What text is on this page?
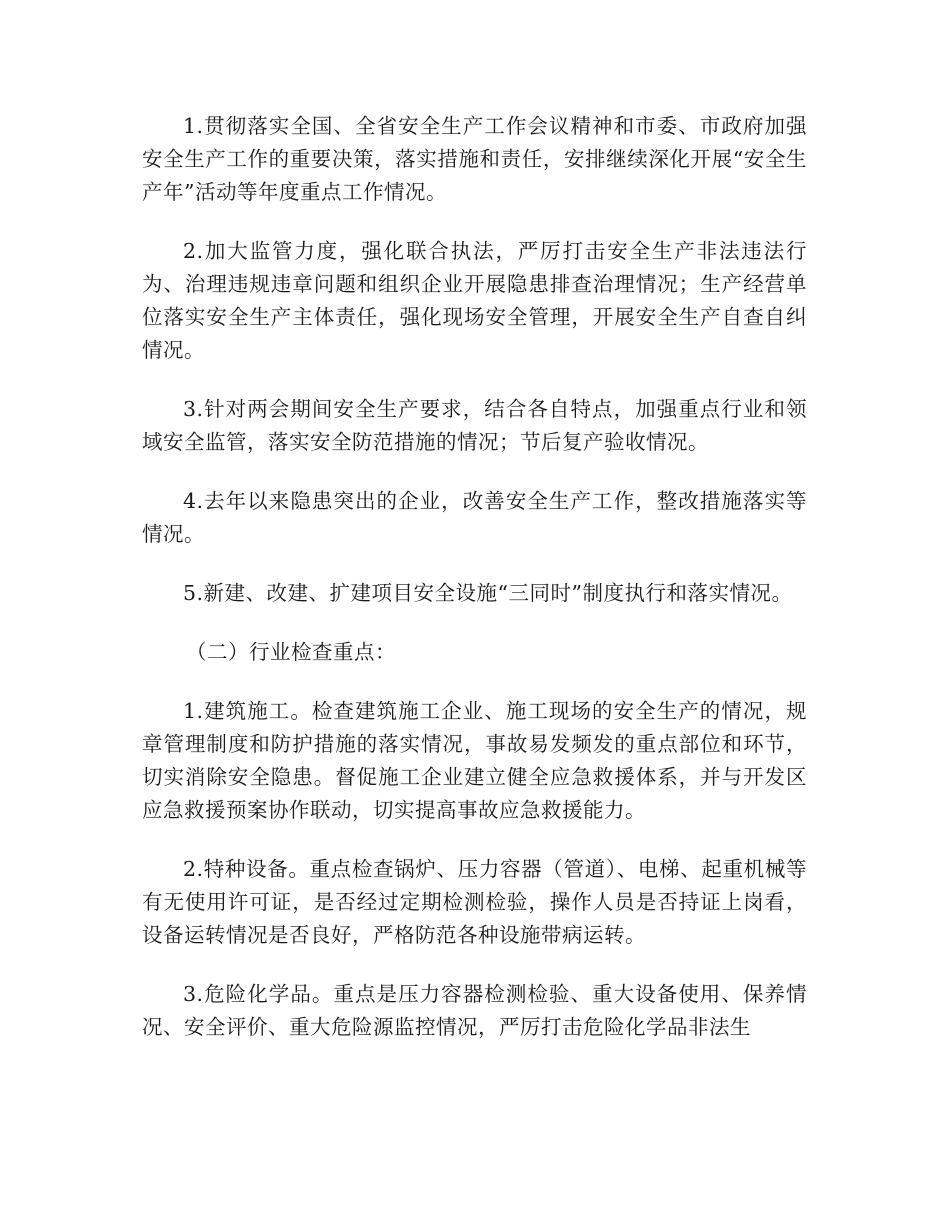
1.贯彻落实全国、全省安全生产工作会议精神和市委、市政府加强安全生产工作的重要决策，落实措施和责任，安排继续深化开展“安全生产年”活动等年度重点工作情况。

2.加大监管力度，强化联合执法，严厉打击安全生产非法违法行为、治理违规违章问题和组织企业开展隐患排查治理情况；生产经营单位落实安全生产主体责任，强化现场安全管理，开展安全生产自查自纠情况。

3.针对两会期间安全生产要求，结合各自特点，加强重点行业和领域安全监管，落实安全防范措施的情况；节后复产验收情况。

4.去年以来隐患突出的企业，改善安全生产工作，整改措施落实等情况。

5.新建、改建、扩建项目安全设施“三同时”制度执行和落实情况。

（二）行业检查重点：

1.建筑施工。检查建筑施工企业、施工现场的安全生产的情况，规章管理制度和防护措施的落实情况，事故易发频发的重点部位和环节，切实消除安全隐患。督促施工企业建立健全应急救援体系，并与开发区应急救援预案协作联动，切实提高事故应急救援能力。

2.特种设备。重点检查锅炉、压力容器（管道）、电梯、起重机械等有无使用许可证，是否经过定期检测检验，操作人员是否持证上岗看，设备运转情况是否良好，严格防范各种设施带病运转。

3.危险化学品。重点是压力容器检测检验、重大设备使用、保养情况、安全评价、重大危险源监控情况，严厉打击危险化学品非法生
